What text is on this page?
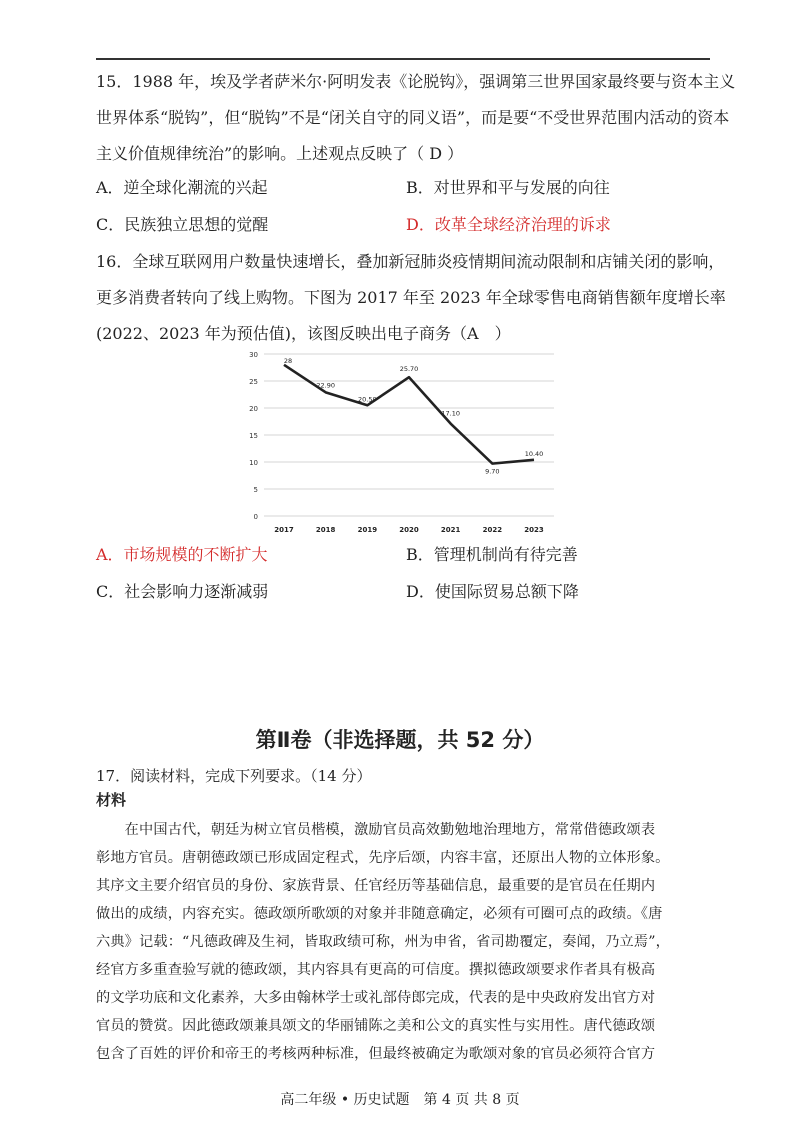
15．1988 年，埃及学者萨米尔·阿明发表《论脱钩》，强调第三世界国家最终要与资本主义
世界体系“脱钩”，但“脱钩”不是“闭关自守的同义语”，而是要“不受世界范围内活动的资本
主义价值规律统治”的影响。上述观点反映了（ D ）
A．逆全球化潮流的兴起	B．对世界和平与发展的向往
C．民族独立思想的觉醒	D．改革全球经济治理的诉求
16．全球互联网用户数量快速增长，叠加新冠肺炎疫情期间流动限制和店铺关闭的影响，
更多消费者转向了线上购物。下图为 2017 年至 2023 年全球零售电商销售额年度增长率
(2022、2023 年为预估值)，该图反映出电子商务（A　）
0
5
10
15
20
25
30
2017	2018	2019	2020	2021	2022	2023
28
22.90
20.50
25.70
17.10
9.70
10.40
A．市场规模的不断扩大	B．管理机制尚有待完善
C．社会影响力逐渐减弱	D．使国际贸易总额下降
第Ⅱ卷（非选择题，共 52 分）
17．阅读材料，完成下列要求。（14 分）
材料
　　在中国古代，朝廷为树立官员楷模，激励官员高效勤勉地治理地方，常常借德政颂表
彰地方官员。唐朝德政颂已形成固定程式，先序后颂，内容丰富，还原出人物的立体形象。
其序文主要介绍官员的身份、家族背景、任官经历等基础信息，最重要的是官员在任期内
做出的成绩，内容充实。德政颂所歌颂的对象并非随意确定，必须有可圈可点的政绩。《唐
六典》记载：“凡德政碑及生祠，皆取政绩可称，州为申省，省司勘覆定，奏闻，乃立焉”，
经官方多重查验写就的德政颂，其内容具有更高的可信度。撰拟德政颂要求作者具有极高
的文学功底和文化素养，大多由翰林学士或礼部侍郎完成，代表的是中央政府发出官方对
官员的赞赏。因此德政颂兼具颂文的华丽铺陈之美和公文的真实性与实用性。唐代德政颂
包含了百姓的评价和帝王的考核两种标准，但最终被确定为歌颂对象的官员必须符合官方
高二年级 • 历史试题　第 4 页 共 8 页
